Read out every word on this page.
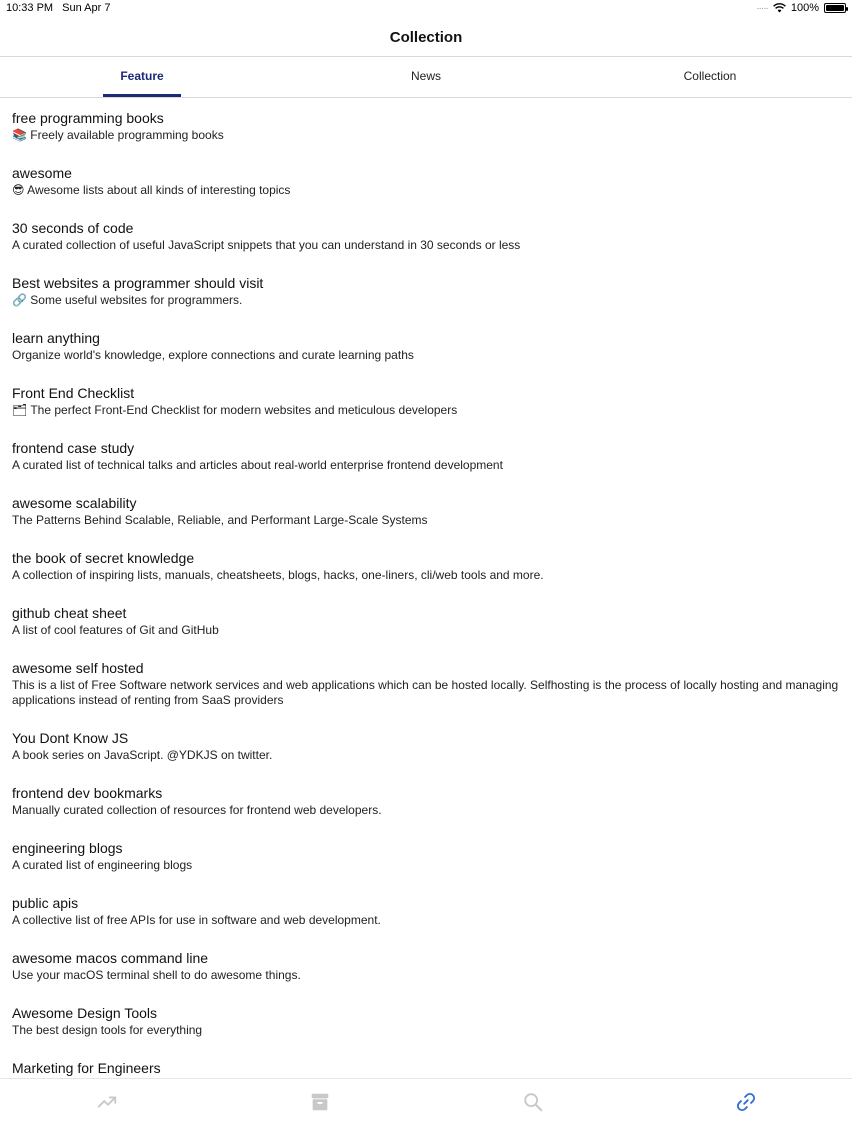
10:33 PM Sun Apr 7	····· 100%
Collection
Feature	News	Collection
free programming books
📚 Freely available programming books
awesome
😎 Awesome lists about all kinds of interesting topics
30 seconds of code
A curated collection of useful JavaScript snippets that you can understand in 30 seconds or less
Best websites a programmer should visit
🔗 Some useful websites for programmers.
learn anything
Organize world's knowledge, explore connections and curate learning paths
Front End Checklist
🗂 The perfect Front-End Checklist for modern websites and meticulous developers
frontend case study
A curated list of technical talks and articles about real-world enterprise frontend development
awesome scalability
The Patterns Behind Scalable, Reliable, and Performant Large-Scale Systems
the book of secret knowledge
A collection of inspiring lists, manuals, cheatsheets, blogs, hacks, one-liners, cli/web tools and more.
github cheat sheet
A list of cool features of Git and GitHub
awesome self hosted
This is a list of Free Software network services and web applications which can be hosted locally. Selfhosting is the process of locally hosting and managing applications instead of renting from SaaS providers
You Dont Know JS
A book series on JavaScript. @YDKJS on twitter.
frontend dev bookmarks
Manually curated collection of resources for frontend web developers.
engineering blogs
A curated list of engineering blogs
public apis
A collective list of free APIs for use in software and web development.
awesome macos command line
Use your macOS terminal shell to do awesome things.
Awesome Design Tools
The best design tools for everything
Marketing for Engineers
